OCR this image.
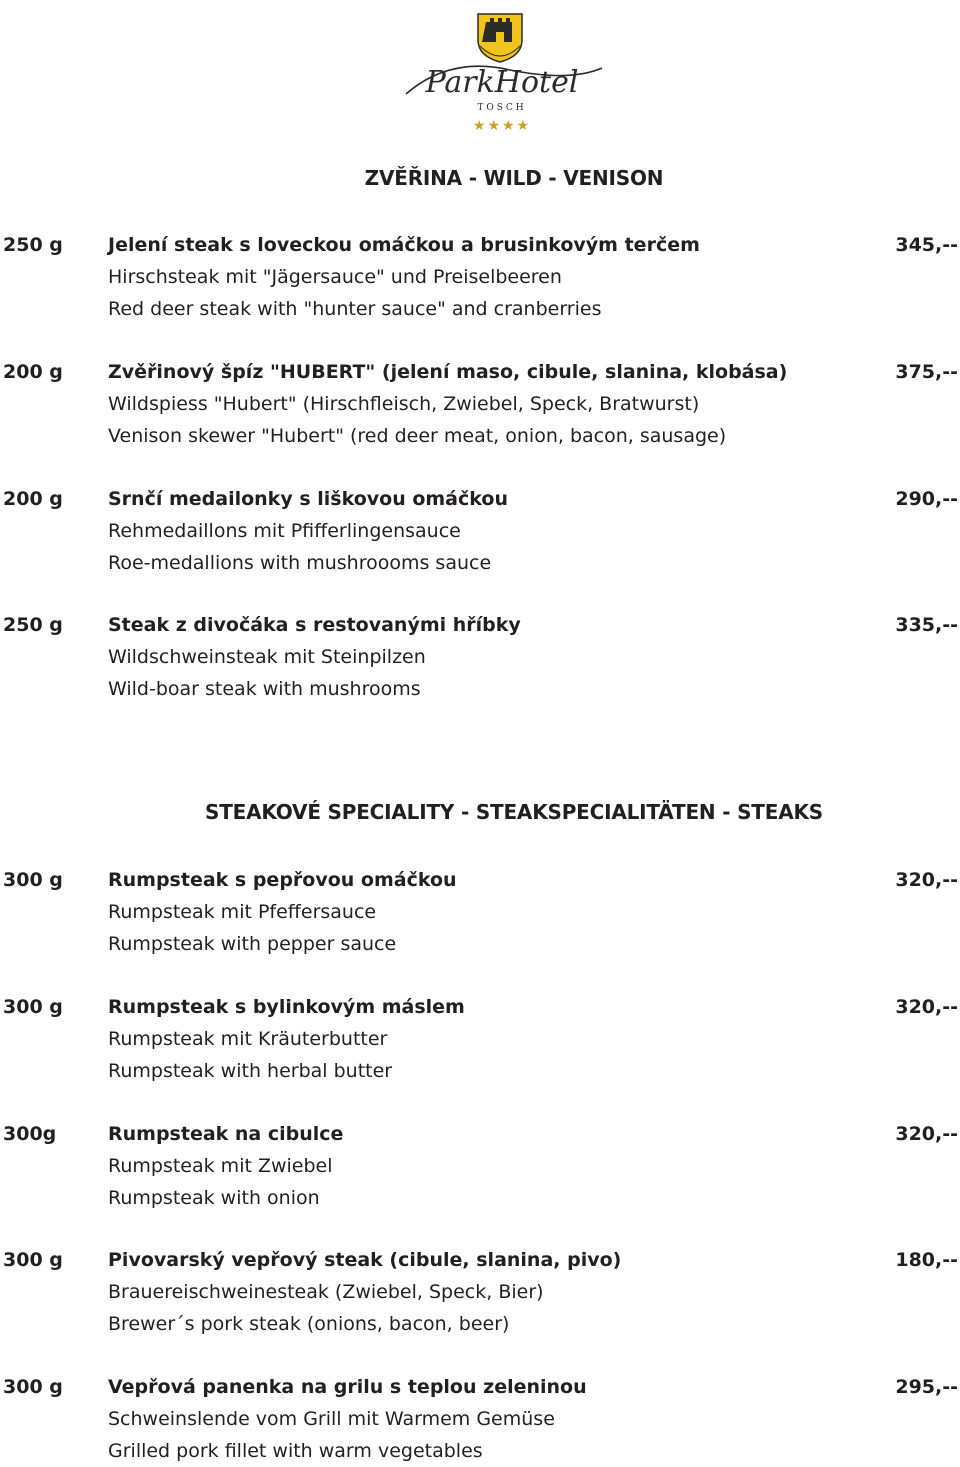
ParkHotel
TOSCH
★★★★
ZVĚŘINA - WILD - VENISON
250 g Jelení steak s loveckou omáčkou a brusinkovým terčem	345,--
Hirschsteak mit "Jägersauce" und Preiselbeeren
Red deer steak with "hunter sauce" and cranberries
200 g Zvěřinový špíz "HUBERT" (jelení maso, cibule, slanina, klobása)	375,--
Wildspiess "Hubert" (Hirschfleisch, Zwiebel, Speck, Bratwurst)
Venison skewer "Hubert" (red deer meat, onion, bacon, sausage)
200 g Srnčí medailonky s liškovou omáčkou	290,--
Rehmedaillons mit Pfifferlingensauce
Roe-medallions with mushroooms sauce
250 g Steak z divočáka s restovanými hříbky	335,--
Wildschweinsteak mit Steinpilzen
Wild-boar steak with mushrooms
STEAKOVÉ SPECIALITY - STEAKSPECIALITÄTEN - STEAKS
300 g Rumpsteak s pepřovou omáčkou	320,--
Rumpsteak mit Pfeffersauce
Rumpsteak with pepper sauce
300 g Rumpsteak s bylinkovým máslem	320,--
Rumpsteak mit Kräuterbutter
Rumpsteak with herbal butter
300g	Rumpsteak na cibulce	320,--
Rumpsteak mit Zwiebel
Rumpsteak with onion
300 g Pivovarský vepřový steak (cibule, slanina, pivo)	180,--
Brauereischweinesteak (Zwiebel, Speck, Bier)
Brewer´s pork steak (onions, bacon, beer)
300 g Vepřová panenka na grilu s teplou zeleninou	295,--
Schweinslende vom Grill mit Warmem Gemüse
Grilled pork fillet with warm vegetables
